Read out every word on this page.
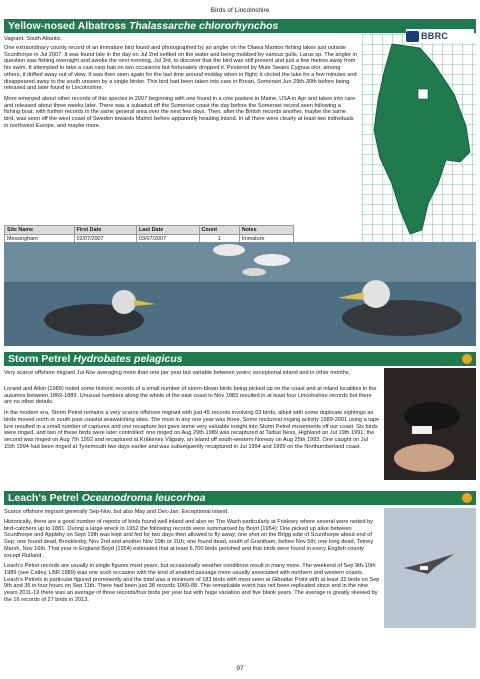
Birds of Lincolnshire
Yellow-nosed Albatross Thalassarche chlororhynchos
Vagrant. South Atlantic.

One extraordinary county record of an immature bird found and photographed by an angler on the Olawa Manton fishing lakes just outside Scunthorpe in Jul 2007. It was found late in the day on Jul 2nd settled on the water and being mobbed by various gulls, Larus sp. The angler in question was fishing overnight and awoke the next morning, Jul 3rd, to discover that the bird was still present and just a few metres away from his swim. It attempted to take a cast carp bait on two occasions but fortunately dropped it. Pestered by Mute Swans Cygnus olor, among others, it drifted away out of view. It was then seen again for the last time around midday when in flight; it circled the lake for a few minutes and disappeared away to the south unseen by a single birder. This bird had been taken into care in Brean, Somerset Jun 29th-30th before being released and later found in Lincolnshire.

More emerged about other records of this species in 2007 beginning with one found in a cow pasture in Maine, USA in Apr and taken into care and released about three weeks later. There was a subadult off the Somerset coast the day before the Somerset record seen following a fishing boat, with further records in the same general area over the next few days. Then, after the British records another, maybe the same bird, was seen off the west coast of Sweden towards Malmö before apparently heading inland. In all there were clearly at least two individuals in northwest Europe, and maybe more.

BBRC
Site Name	First Date	Last Date	Count	Notes
Messingham	02/07/2007	03/07/2007	1	Immature
Storm Petrel Hydrobates pelagicus
Very scarce offshore migrant Jul-Nov averaging more than one per year but variable between years; exceptional inland and in other months.

Lorand and Atkin (1989) noted some historic records of a small number of storm-blown birds being picked up on the coast and at inland localities in the autumns between 1869-1889. Unusual numbers along the whole of the east coast in Nov 1883 resulted in at least four Lincolnshire records but there are no other details.

In the modern era, Storm Petrel remains a very scarce offshore migrant with just 45 records involving 63 birds, albeit with some duplicate sightings as birds moved north or south past coastal seawatching sites. The most in any one year was three. Some nocturnal ringing activity 1989-2001 using a tape lure resulted in a small number of captures and one recapture but gave some very valuable insight into Storm Petrel movements off our coast. Six birds were ringed, and two of these birds were later controlled: one ringed on Aug 29th 1989 was recaptured at Tarbat Ness, Highland on Jul 19th 1991; the second was ringed on Aug 7th 1992 and recaptured at Kråkenes Vågsøy, an island off south-western Norway on Aug 25th 1993. One caught on Jul 15th 1994 had been ringed at Tynemouth two days earlier and was subsequently recaptured in Jul 1994 and 1995 on the Northumberland coast.

Leach's Petrel Oceanodroma leucorhoa
Scarce offshore migrant generally Sep-Nov, but also May and Dec-Jan. Exceptional inland.

Historically, there are a good number of reports of birds found well inland and also on The Wash particularly at Friskney where several were netted by bird-catchers up to 1881. During a large wreck in 1952 the following records were summarised by Boyd (1954): One picked up alive between Scunthorpe and Appleby on Sept 19th was kept and fed for two days then allowed to fly away; one shot on the Brigg side of Scunthorpe about end of Sep; one found dead, Brocklesby, Nov 2nd and another Nov 10th or 11th; one found dead, south of Grantham, before Nov 5th; one long dead, Tetney Marsh, Nov 16th. That year in England Boyd (1954) estimated that at least 6,700 birds perished and that birds were found in every English county except Rutland.

Leach's Petrel records are usually in single figures most years, but occasionally weather conditions result in many more. The weekend of Sep 9th-10th 1989 (see Catley, LBR 1989) was one such occasion with the kind of seabird passage more usually associated with northern and western coasts. Leach's Petrels in particular figured prominently and the total was a minimum of 183 birds with most seen at Gibraltar Point with at least 32 birds on Sep 9th and 35 in four hours on Sep 11th. There had been just 38 records 1960-88. This remarkable event has not been replicated since and in the nine years 2011-19 there was an average of three records/four birds per year but with huge variation and five blank years. The average is greatly skewed by the 16 records of 27 birds in 2013.

97
